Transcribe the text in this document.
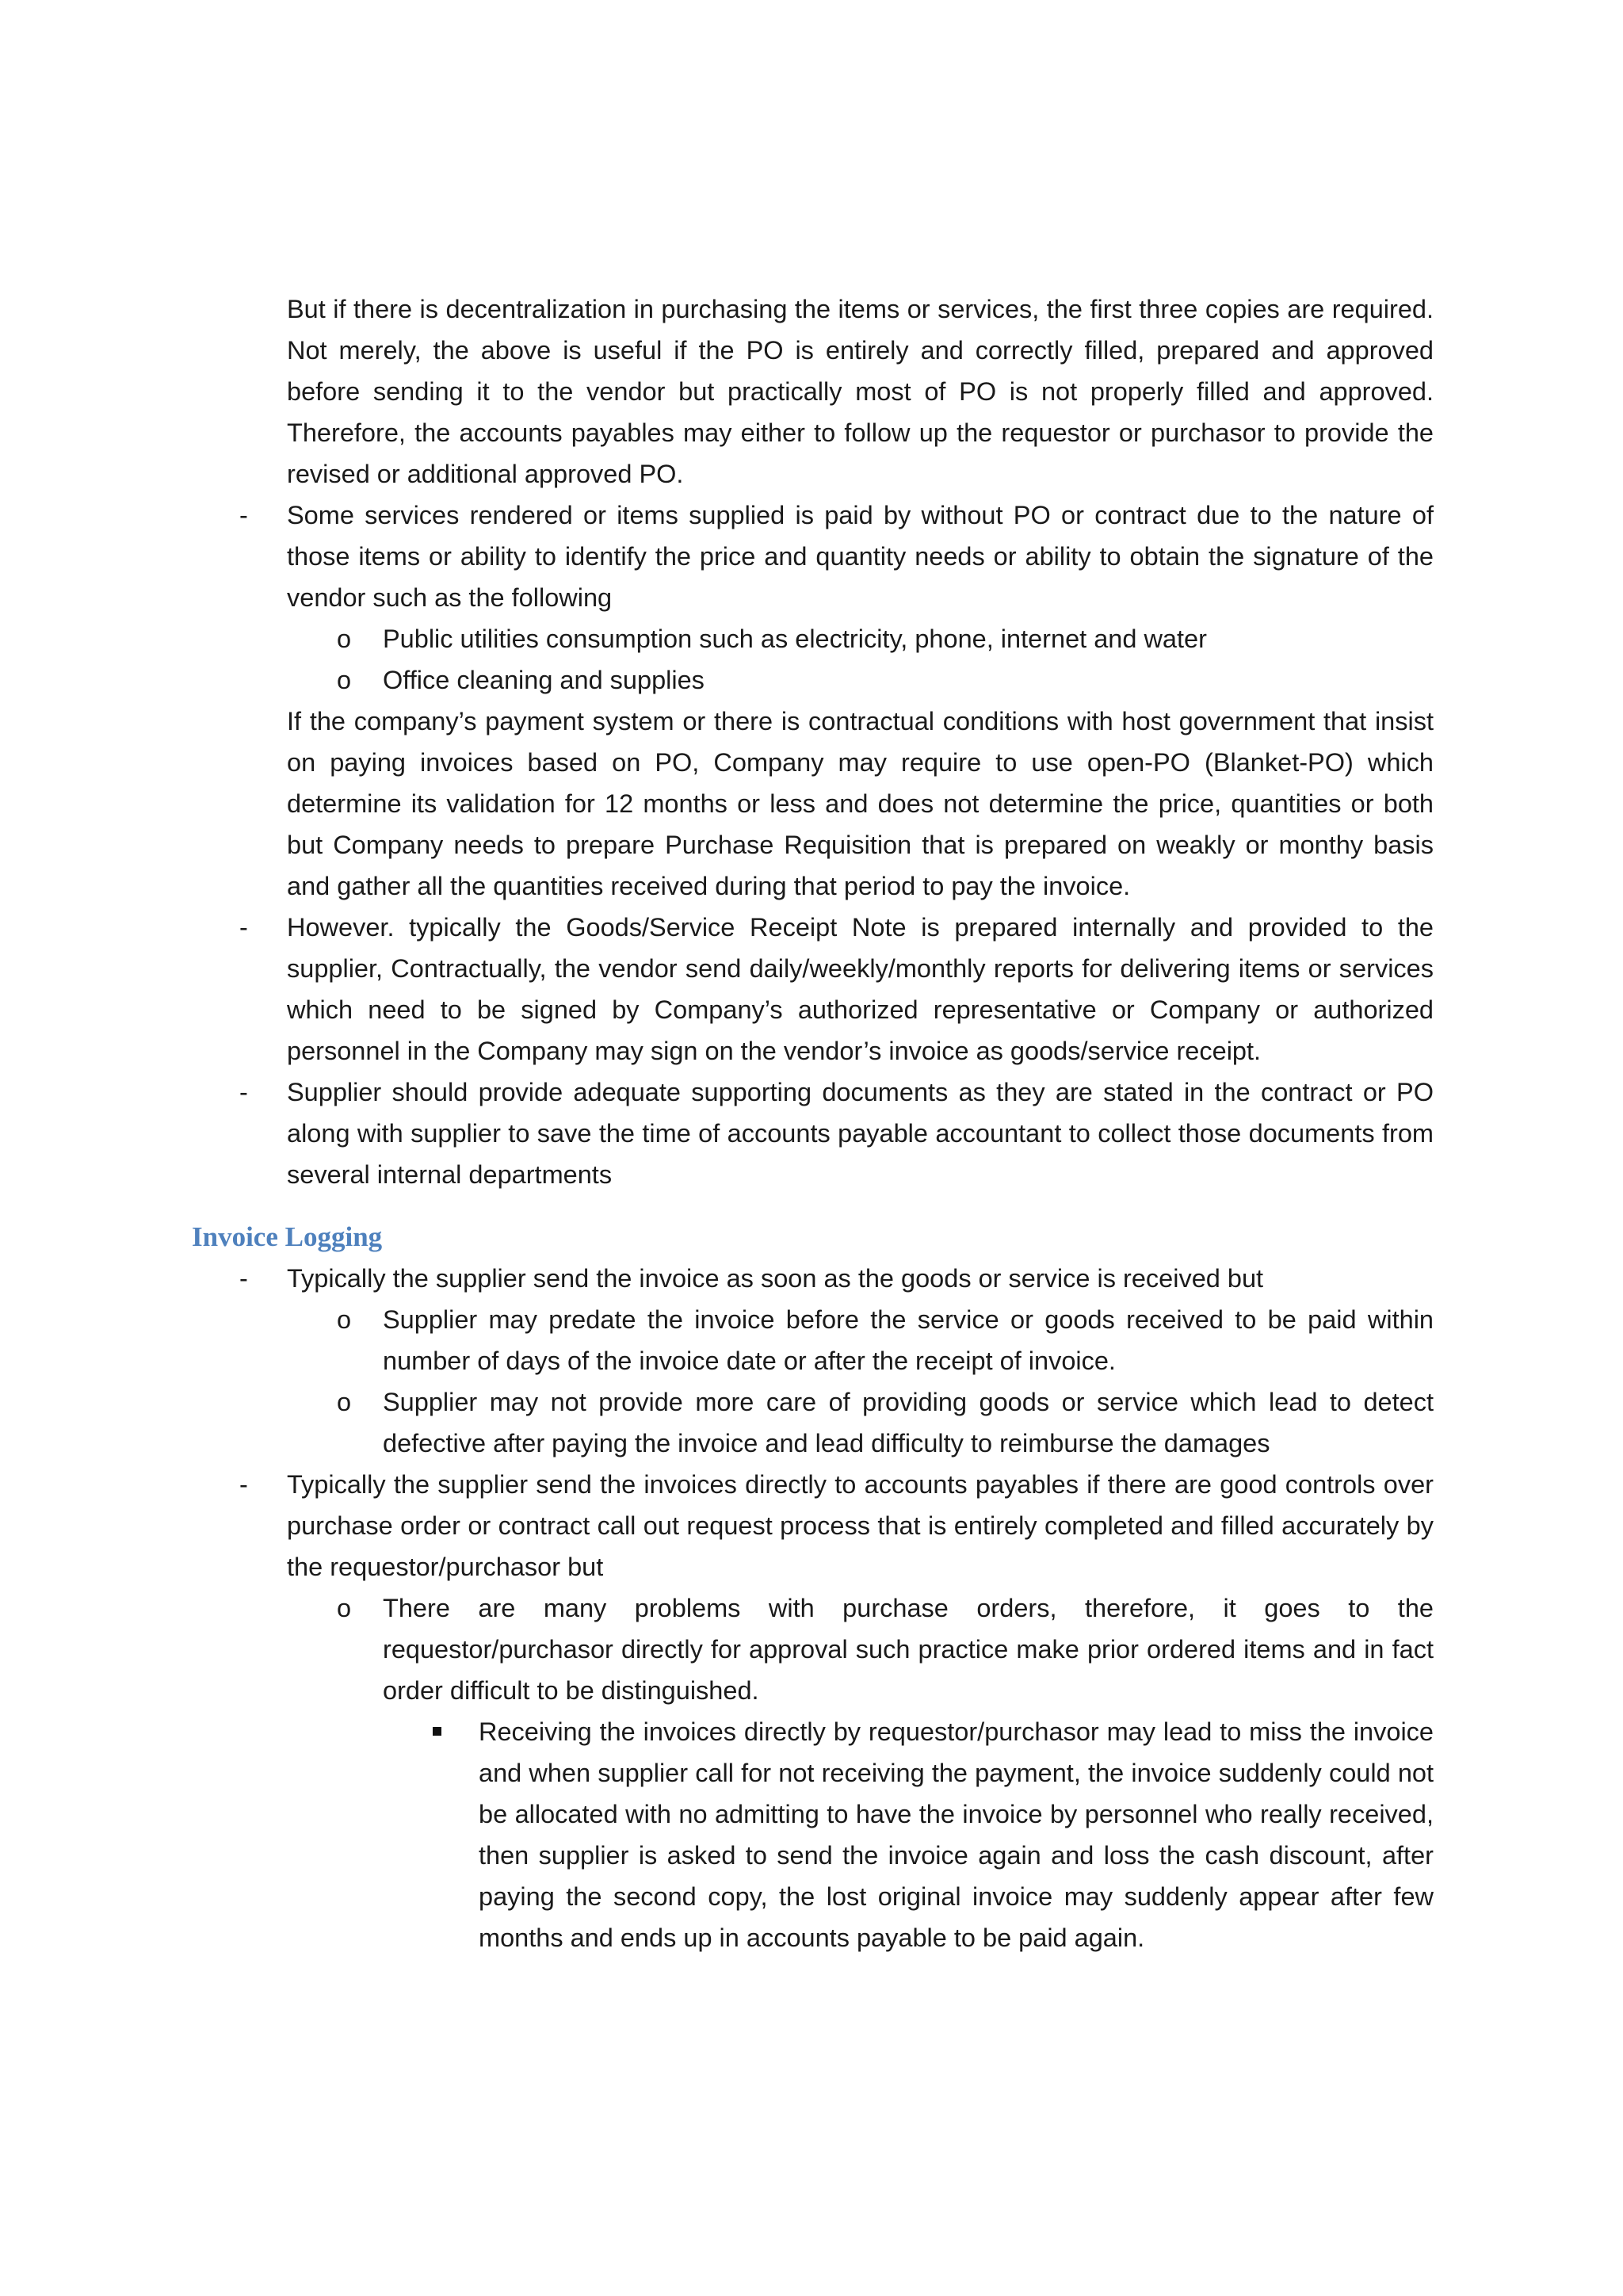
But if there is decentralization in purchasing the items or services, the first three copies are required. Not merely, the above is useful if the PO is entirely and correctly filled, prepared and approved before sending it to the vendor but practically most of PO is not properly filled and approved. Therefore, the accounts payables may either to follow up the requestor or purchasor to provide the revised or additional approved PO.

- Some services rendered or items supplied is paid by without PO or contract due to the nature of those items or ability to identify the price and quantity needs or ability to obtain the signature of the vendor such as the following
o Public utilities consumption such as electricity, phone, internet and water
o Office cleaning and supplies

If the company’s payment system or there is contractual conditions with host government that insist on paying invoices based on PO, Company may require to use open-PO (Blanket-PO) which determine its validation for 12 months or less and does not determine the price, quantities or both but Company needs to prepare Purchase Requisition that is prepared on weakly or monthy basis and gather all the quantities received during that period to pay the invoice.

- However. typically the Goods/Service Receipt Note is prepared internally and provided to the supplier, Contractually, the vendor send daily/weekly/monthly reports for delivering items or services which need to be signed by Company’s authorized representative or Company or authorized personnel in the Company may sign on the vendor’s invoice as goods/service receipt.
- Supplier should provide adequate supporting documents as they are stated in the contract or PO along with supplier to save the time of accounts payable accountant to collect those documents from several internal departments
Invoice Logging
- Typically the supplier send the invoice as soon as the goods or service is received but
o Supplier may predate the invoice before the service or goods received to be paid within number of days of the invoice date or after the receipt of invoice.
o Supplier may not provide more care of providing goods or service which lead to detect defective after paying the invoice and lead difficulty to reimburse the damages
- Typically the supplier send the invoices directly to accounts payables if there are good controls over purchase order or contract call out request process that is entirely completed and filled accurately by the requestor/purchasor but
o There are many problems with purchase orders, therefore, it goes to the requestor/purchasor directly for approval such practice make prior ordered items and in fact order difficult to be distinguished.
Receiving the invoices directly by requestor/purchasor may lead to miss the invoice and when supplier call for not receiving the payment, the invoice suddenly could not be allocated with no admitting to have the invoice by personnel who really received, then supplier is asked to send the invoice again and loss the cash discount, after paying the second copy, the lost original invoice may suddenly appear after few months and ends up in accounts payable to be paid again.
